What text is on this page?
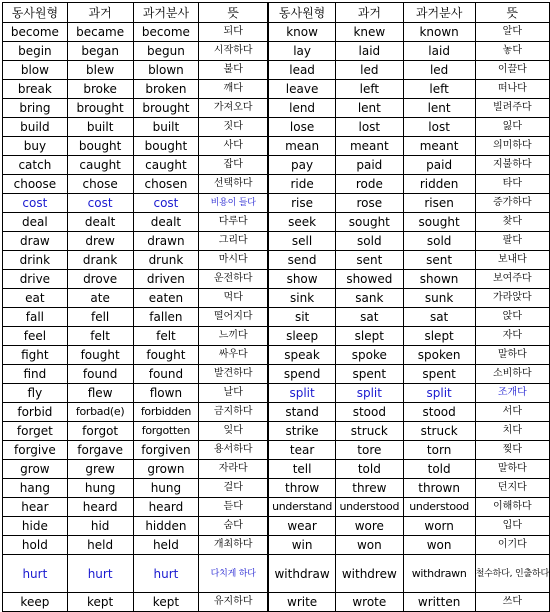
동사원형	과거	과거분사	뜻	동사원형	과거	과거분사	뜻
become	became	become	되다	know	knew	known	알다
begin	began	begun	시작하다	lay	laid	laid	놓다
blow	blew	blown	불다	lead	led	led	이끌다
break	broke	broken	깨다	leave	left	left	떠나다
bring	brought	brought	가져오다	lend	lent	lent	빌려주다
build	built	built	짓다	lose	lost	lost	잃다
buy	bought	bought	사다	mean	meant	meant	의미하다
catch	caught	caught	잡다	pay	paid	paid	지불하다
choose	chose	chosen	선택하다	ride	rode	ridden	타다
cost	cost	cost	비용이 들다	rise	rose	risen	증가하다
deal	dealt	dealt	다루다	seek	sought	sought	찾다
draw	drew	drawn	그리다	sell	sold	sold	팔다
drink	drank	drunk	마시다	send	sent	sent	보내다
drive	drove	driven	운전하다	show	showed	shown	보여주다
eat	ate	eaten	먹다	sink	sank	sunk	가라앉다
fall	fell	fallen	떨어지다	sit	sat	sat	앉다
feel	felt	felt	느끼다	sleep	slept	slept	자다
fight	fought	fought	싸우다	speak	spoke	spoken	말하다
find	found	found	발견하다	spend	spent	spent	소비하다
fly	flew	flown	날다	split	split	split	조개다
forbid	forbad(e)	forbidden	금지하다	stand	stood	stood	서다
forget	forgot	forgotten	잊다	strike	struck	struck	치다
forgive	forgave	forgiven	용서하다	tear	tore	torn	찢다
grow	grew	grown	자라다	tell	told	told	말하다
hang	hung	hung	걸다	throw	threw	thrown	던지다
hear	heard	heard	듣다	understand	understood	understood	이해하다
hide	hid	hidden	숨다	wear	wore	worn	입다
hold	held	held	개최하다	win	won	won	이기다
hurt	hurt	hurt	다치게 하다	withdraw	withdrew	withdrawn	철수하다, 인출하다
keep	kept	kept	유지하다	write	wrote	written	쓰다
